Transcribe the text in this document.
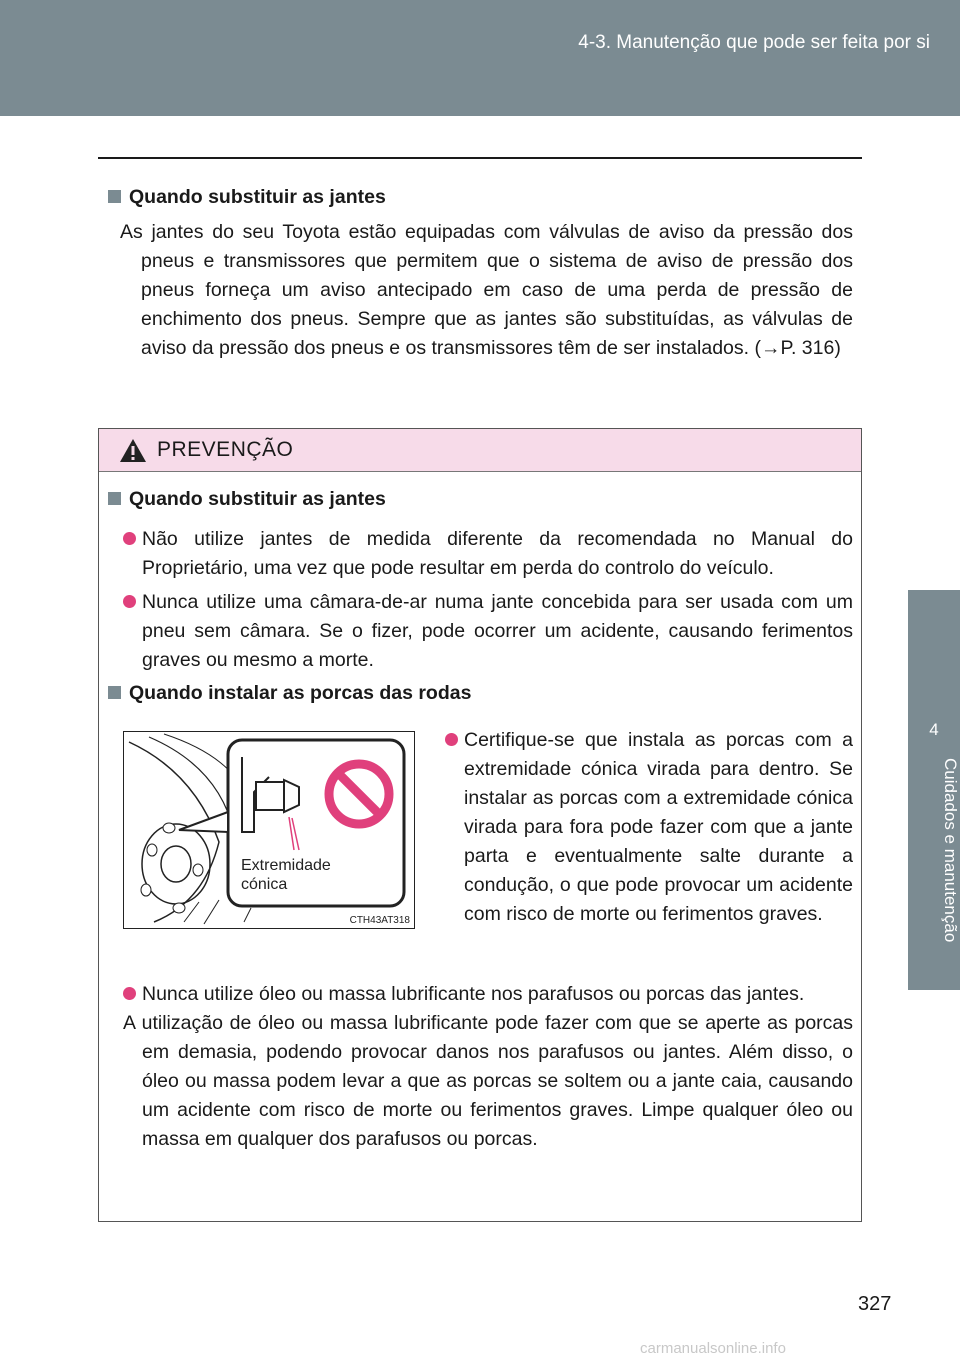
4-3. Manutenção que pode ser feita por si
4
Cuidados e manutenção
Quando substituir as jantes

As jantes do seu Toyota estão equipadas com válvulas de aviso da pressão dos pneus e transmissores que permitem que o sistema de aviso de pressão dos pneus forneça um aviso antecipado em caso de uma perda de pressão de enchimento dos pneus. Sempre que as jantes são substituídas, as válvulas de aviso da pressão dos pneus e os transmissores têm de ser instalados. (→P. 316)

PREVENÇÃO
Quando substituir as jantes

Não utilize jantes de medida diferente da recomendada no Manual do Proprietário, uma vez que pode resultar em perda do controlo do veículo.

Nunca utilize uma câmara-de-ar numa jante concebida para ser usada com um pneu sem câmara. Se o fizer, pode ocorrer um acidente, causando ferimentos graves ou mesmo a morte.

Quando instalar as porcas das rodas
Extremidade cónica
CTH43AT318

Certifique-se que instala as porcas com a extremidade cónica virada para dentro. Se instalar as porcas com a extremidade cónica virada para fora pode fazer com que a jante parta e eventualmente salte durante a condução, o que pode provocar um acidente com risco de morte ou ferimentos graves.

Nunca utilize óleo ou massa lubrificante nos parafusos ou porcas das jantes.

A utilização de óleo ou massa lubrificante pode fazer com que se aperte as porcas em demasia, podendo provocar danos nos parafusos ou jantes. Além disso, o óleo ou massa podem levar a que as porcas se soltem ou a jante caia, causando um acidente com risco de morte ou ferimentos graves. Limpe qualquer óleo ou massa em qualquer dos parafusos ou porcas.

327
carmanualsonline.info
